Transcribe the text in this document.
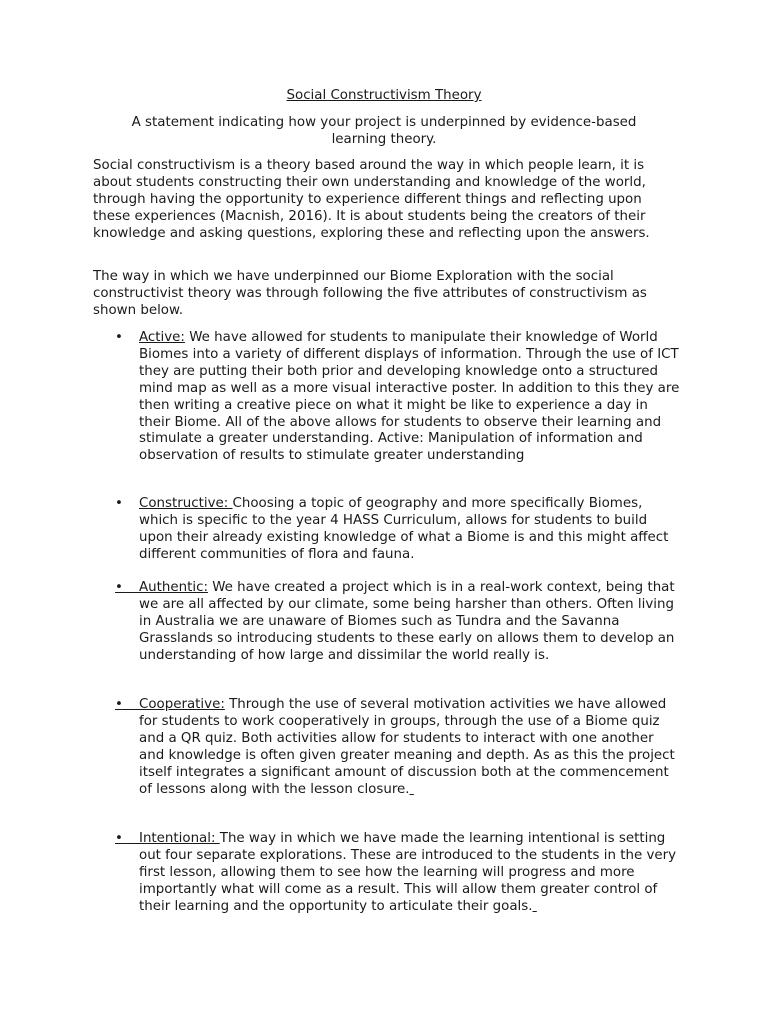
Social Constructivism Theory
A statement indicating how your project is underpinned by evidence-based learning theory.

Social constructivism is a theory based around the way in which people learn, it is about students constructing their own understanding and knowledge of the world, through having the opportunity to experience different things and reflecting upon these experiences (Macnish, 2016). It is about students being the creators of their knowledge and asking questions, exploring these and reflecting upon the answers.

The way in which we have underpinned our Biome Exploration with the social constructivist theory was through following the five attributes of constructivism as shown below.

• Active: We have allowed for students to manipulate their knowledge of World Biomes into a variety of different displays of information. Through the use of ICT they are putting their both prior and developing knowledge onto a structured mind map as well as a more visual interactive poster. In addition to this they are then writing a creative piece on what it might be like to experience a day in their Biome. All of the above allows for students to observe their learning and stimulate a greater understanding. Active: Manipulation of information and observation of results to stimulate greater understanding
• Constructive: Choosing a topic of geography and more specifically Biomes, which is specific to the year 4 HASS Curriculum, allows for students to build upon their already existing knowledge of what a Biome is and this might affect different communities of flora and fauna.
•	Authentic: We have created a project which is in a real-work context, being that we are all affected by our climate, some being harsher than others. Often living in Australia we are unaware of Biomes such as Tundra and the Savanna Grasslands so introducing students to these early on allows them to develop an understanding of how large and dissimilar the world really is.
•	Cooperative: Through the use of several motivation activities we have allowed for students to work cooperatively in groups, through the use of a Biome quiz and a QR quiz. Both activities allow for students to interact with one another and knowledge is often given greater meaning and depth. As as this the project itself integrates a significant amount of discussion both at the commencement of lessons along with the lesson closure.
•	Intentional: The way in which we have made the learning intentional is setting out four separate explorations. These are introduced to the students in the very first lesson, allowing them to see how the learning will progress and more importantly what will come as a result. This will allow them greater control of their learning and the opportunity to articulate their goals.
